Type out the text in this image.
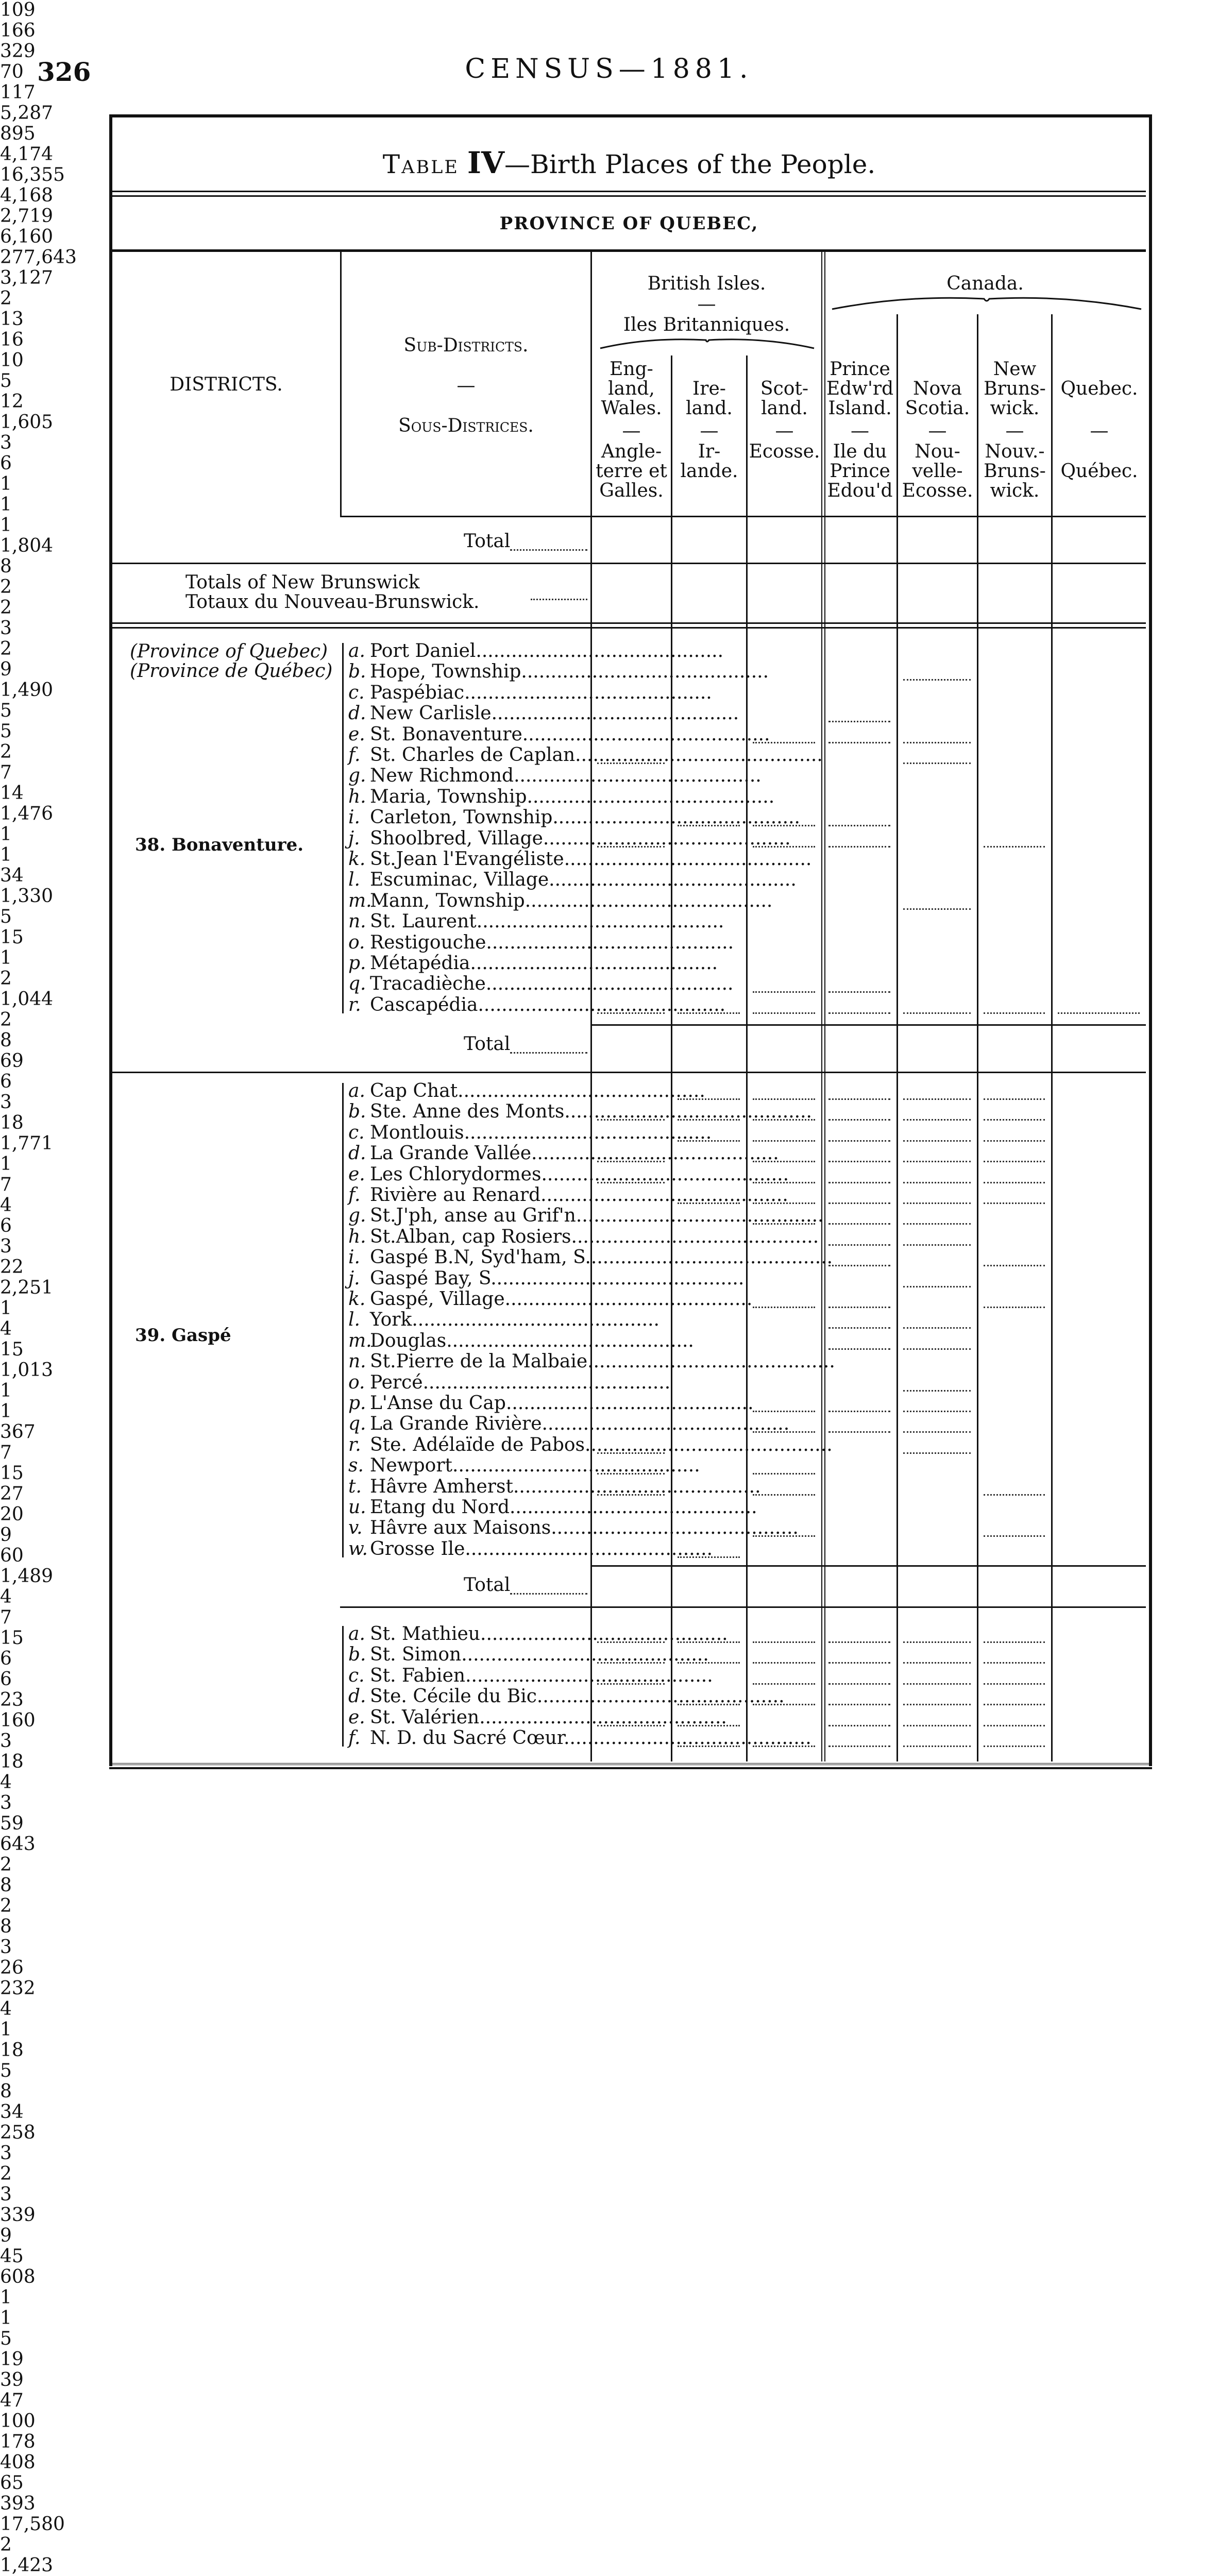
326	CENSUS—1881.
Table IV—Birth Places of the People.
PROVINCE OF QUEBEC,
DISTRICTS.
Sub-Districts.
—
Sous-Districes.
British Isles.
—
Iles Britanniques.
Canada.
Eng-
land,
Wales.
—
Angle-
terre et
Galles.
Ire-
land.
—
Ir-
lande.
Scot-
land.
—
Ecosse.
Prince
Edw'rd
Island.
—
Ile du
Prince
Edou'd
Nova
Scotia.
—
Nou-
velle-
Ecosse.
New
Bruns-
wick.
—
Nouv.-
Bruns-
wick.
Quebec.
—
Québec.
Total
109
166
329
70
117
5,287
895
Totals of New Brunswick
Totaux du Nouveau-Brunswick.
4,174
16,355
4,168
2,719
6,160
277,643
3,127
(Province of Quebec)
(Province de Québec)
38. Bonaventure.
a. Port Daniel..........................................
2
13
16
10
5
12
1,605
b. Hope, Township..........................................
3
6
1
1
1
1,804
c. Paspébiac..........................................
8
2
2
3
2
9
1,490
d. New Carlisle..........................................
5
5
2
7
14
1,476
e. St. Bonaventure..........................................
1
1
34
1,330
f. St. Charles de Caplan..........................................
5
15
1
2
1,044
g. New Richmond..........................................
2
8
69
6
3
18
1,771
h. Maria, Township..........................................
1
7
4
6
3
22
2,251
i. Carleton, Township..........................................
1
4
15
1,013
j. Shoolbred, Village..........................................
1
1
367
k. St.Jean l'Evangéliste..........................................
7
15
27
20
9
60
1,489
l. Escuminac, Village..........................................
4
7
15
6
6
23
160
m.Mann, Township..........................................
3
18
4
3
59
643
n. St. Laurent..........................................
2
8
2
8
3
26
232
o. Restigouche..........................................
4
1
18
5
8
34
258
p. Métapédia..........................................
3
2
3
339
9
45
608
q. Tracadièche..........................................
1
1
5
19
39
r. Cascapédia..........................................
Total
47
100
178
408
65
393
17,580
39. Gaspé
a. Cap Chat..........................................
2
1,423
b. Ste. Anne des Monts..........................................
c. Montlouis..........................................
d. La Grande Vallée..........................................
e. Les Chlorydormes..........................................
f. Rivière au Renard..........................................
g. St.J'ph, anse au Grif'n..........................................
h. St.Alban, cap Rosiers..........................................
i. Gaspé B.N, Syd'ham, S..........................................
j. Gaspé Bay, S...........................................
k. Gaspé, Village..........................................
l. York..........................................
m.Douglas..........................................
n. St.Pierre de la Malbaie..........................................
o. Percé..........................................
p. L'Anse du Cap..........................................
q. La Grande Rivière..........................................
r. Ste. Adélaïde de Pabos..........................................
s. Newport..........................................
t. Hâvre Amherst..........................................
u. Etang du Nord..........................................
v. Hâvre aux Maisons..........................................
w. Grosse Ile..........................................
Total
a. St. Mathieu..........................................
b. St. Simon..........................................
c. St. Fabien..........................................
d. Ste. Cécile du Bic..........................................
e. St. Valérien..........................................
f. N. D. du Sacré Cœur..........................................
